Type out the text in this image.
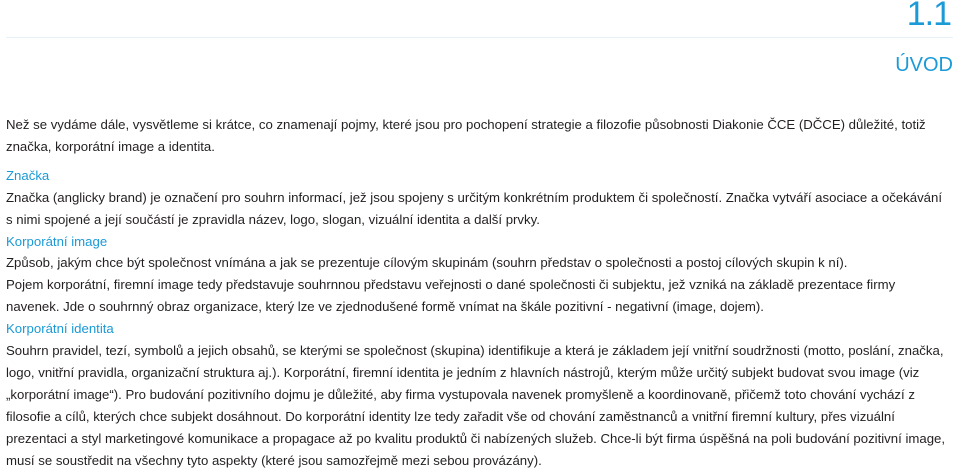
1.1
ÚVOD

Než se vydáme dále, vysvětleme si krátce, co znamenají pojmy, které jsou pro pochopení strategie a filozofie působnosti Diakonie ČCE (DČCE) důležité, totiž značka, korporátní image a identita.

Značka

Značka (anglicky brand) je označení pro souhrn informací, jež jsou spojeny s určitým konkrétním produktem či společností. Značka vytváří asociace a očekávání s nimi spojené a její součástí je zpravidla název, logo, slogan, vizuální identita a další prvky.

Korporátní image

Způsob, jakým chce být společnost vnímána a jak se prezentuje cílovým skupinám (souhrn představ o společnosti a postoj cílových skupin k ní).

Pojem korporátní, firemní image tedy představuje souhrnnou představu veřejnosti o dané společnosti či subjektu, jež vzniká na základě prezentace firmy navenek. Jde o souhrnný obraz organizace, který lze ve zjednodušené formě vnímat na škále pozitivní - negativní (image, dojem).

Korporátní identita

Souhrn pravidel, tezí, symbolů a jejich obsahů, se kterými se společnost (skupina) identifikuje a která je základem její vnitřní soudržnosti (motto, poslání, značka, logo, vnitřní pravidla, organizační struktura aj.). Korporátní, firemní identita je jedním z hlavních nástrojů, kterým může určitý subjekt budovat svou image (viz „korporátní image“). Pro budování pozitivního dojmu je důležité, aby firma vystupovala navenek promyšleně a koordinovaně, přičemž toto chování vychází z filosofie a cílů, kterých chce subjekt dosáhnout. Do korporátní identity lze tedy zařadit vše od chování zaměstnanců a vnitřní firemní kultury, přes vizuální prezentaci a styl marketingové komunikace a propagace až po kvalitu produktů či nabízených služeb. Chce-li být firma úspěšná na poli budování pozitivní image, musí se soustředit na všechny tyto aspekty (které jsou samozřejmě mezi sebou provázány).
